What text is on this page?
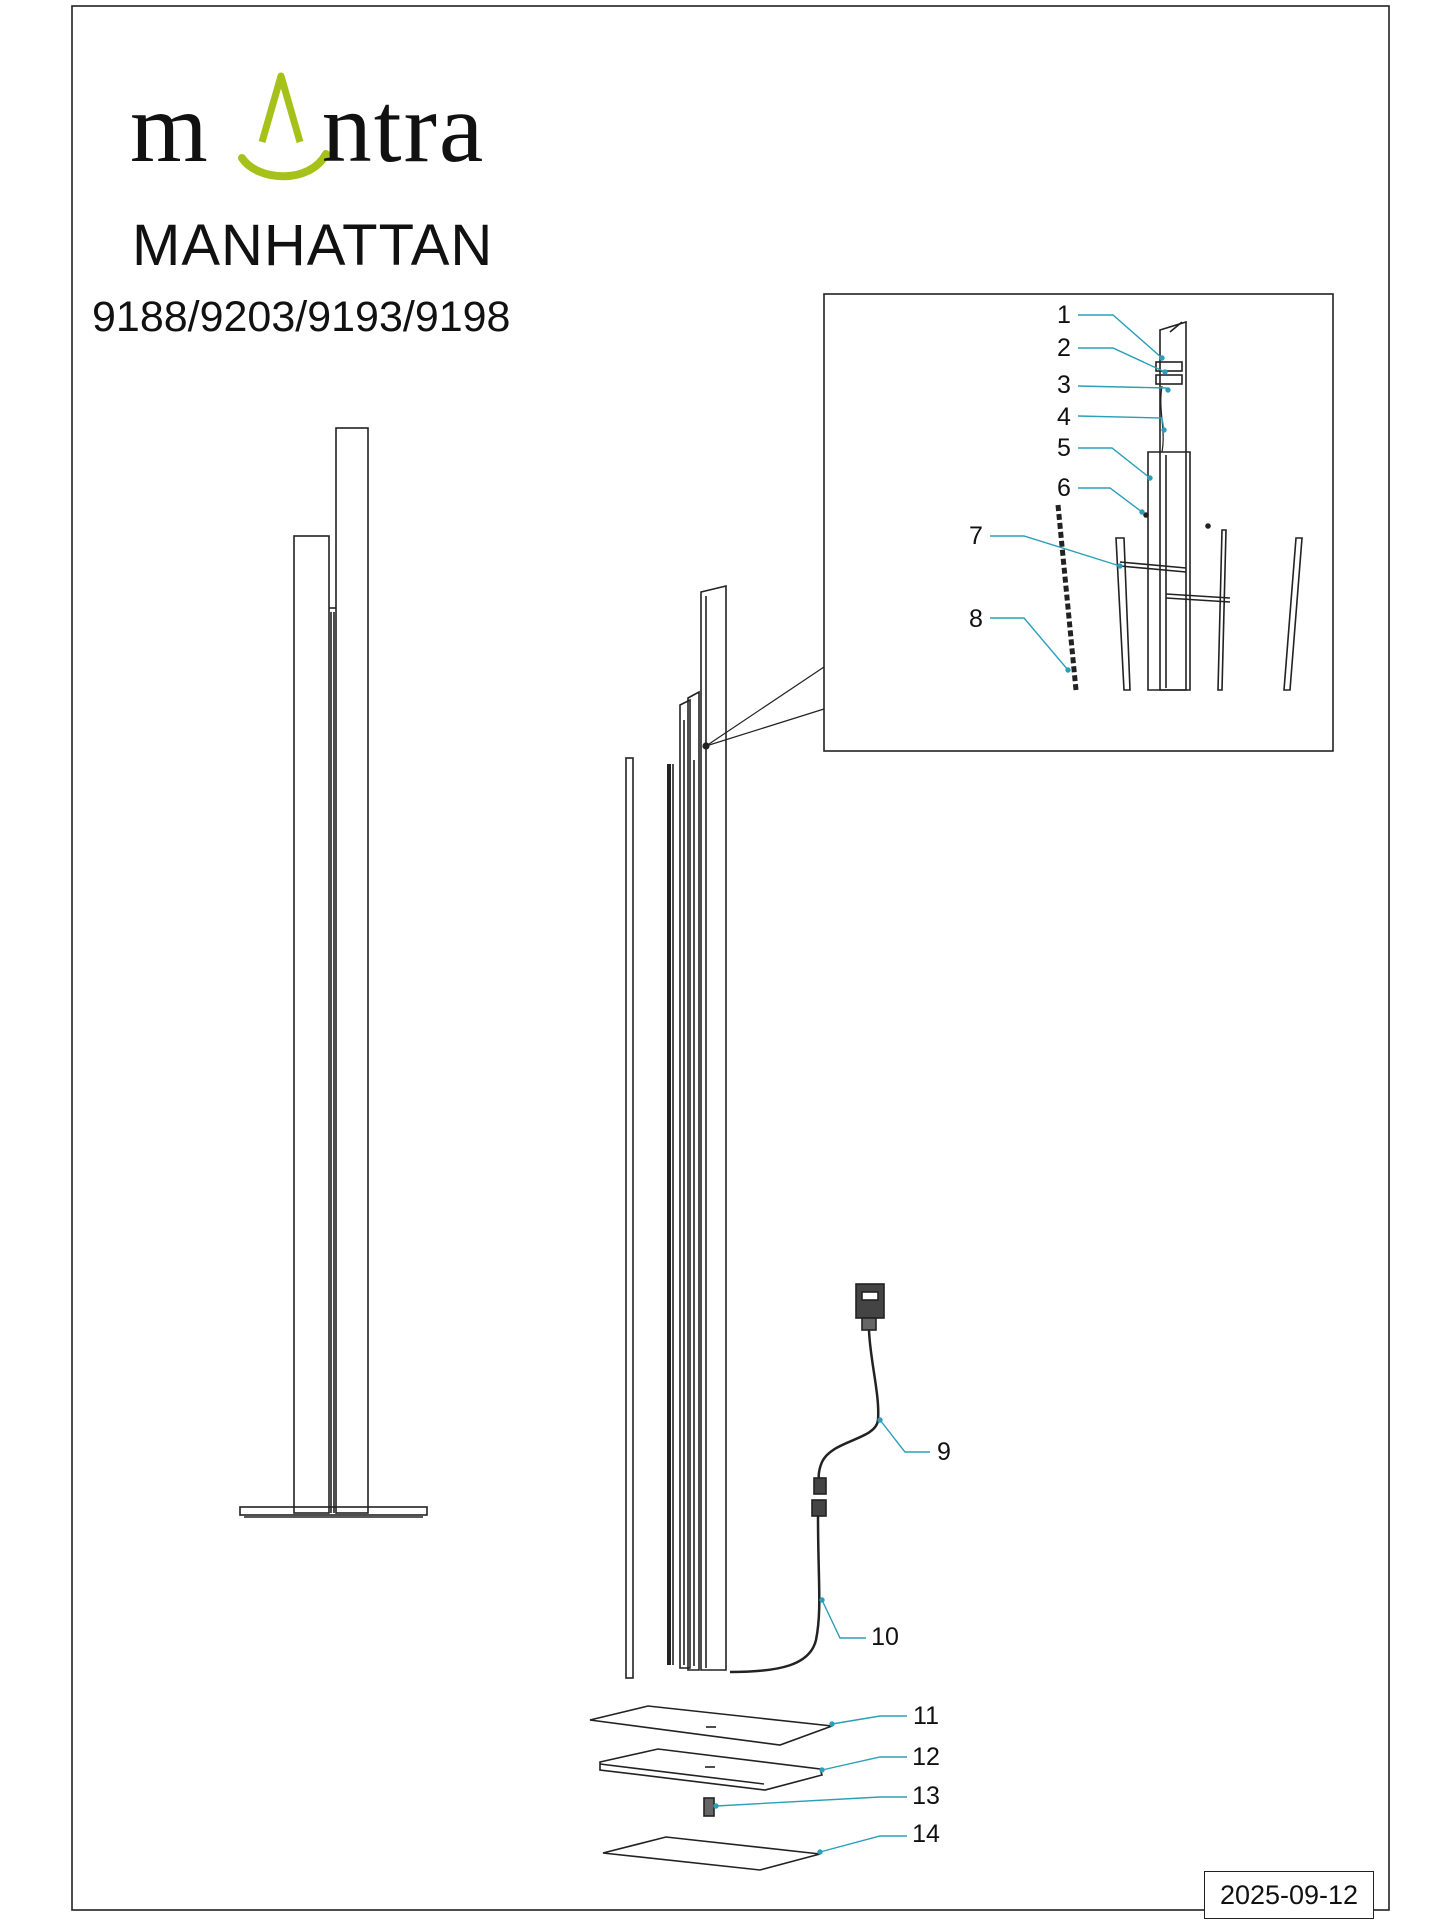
1
2
3
4
5
6
7
8
9
10
11
12
13
14
m ntra
MANHATTAN
9188/9203/9193/9198
2025-09-12
